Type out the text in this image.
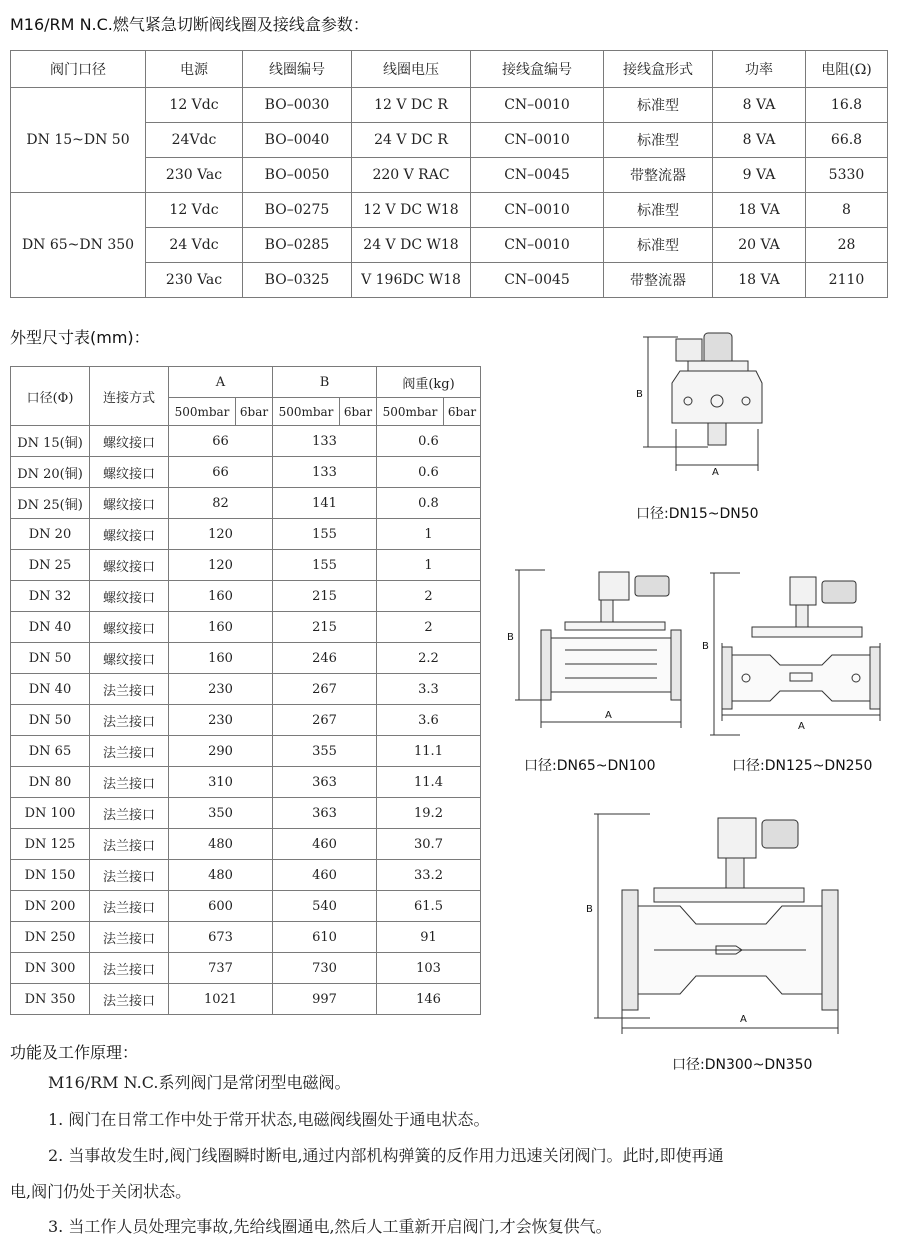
M16/RM N.C.燃气紧急切断阀线圈及接线盒参数：
阀门口径	电源	线圈编号	线圈电压	接线盒编号	接线盒形式	功率	电阻(Ω)
DN 15~DN 50	12 Vdc	BO–0030	12 V DC R	CN–0010	标准型	8 VA	16.8
	24Vdc	BO–0040	24 V DC R	CN–0010	标准型	8 VA	66.8
	230 Vac	BO–0050	220 V RAC	CN–0045	带整流器	9 VA	5330
DN 65~DN 350	12 Vdc	BO–0275	12 V DC W18	CN–0010	标准型	18 VA	8
	24 Vdc	BO–0285	24 V DC W18	CN–0010	标准型	20 VA	28
	230 Vac	BO–0325	V 196DC W18	CN–0045	带整流器	18 VA	2110
外型尺寸表(mm)：
口径(Φ)	连接方式	A		B		阀重(kg)	
		500mbar	6bar	500mbar	6bar	500mbar	6bar
DN 15(铜)	螺纹接口	66		133		0.6	
DN 20(铜)	螺纹接口	66		133		0.6	
DN 25(铜)	螺纹接口	82		141		0.8	
DN 20	螺纹接口	120		155		1	
DN 25	螺纹接口	120		155		1	
DN 32	螺纹接口	160		215		2	
DN 40	螺纹接口	160		215		2	
DN 50	螺纹接口	160		246		2.2	
DN 40	法兰接口	230		267		3.3	
DN 50	法兰接口	230		267		3.6	
DN 65	法兰接口	290		355		11.1	
DN 80	法兰接口	310		363		11.4	
DN 100	法兰接口	350		363		19.2	
DN 125	法兰接口	480		460		30.7	
DN 150	法兰接口	480		460		33.2	
DN 200	法兰接口	600		540		61.5	
DN 250	法兰接口	673		610		91	
DN 300	法兰接口	737		730		103	
DN 350	法兰接口	1021		997		146	
B
A
口径:DN15~DN50
B
A
口径:DN65~DN100
B
A
口径:DN125~DN250
B
A
口径:DN300~DN350
功能及工作原理：
M16/RM N.C.系列阀门是常闭型电磁阀。
1. 阀门在日常工作中处于常开状态,电磁阀线圈处于通电状态。
2. 当事故发生时,阀门线圈瞬时断电,通过内部机构弹簧的反作用力迅速关闭阀门。此时,即使再通
电,阀门仍处于关闭状态。
3. 当工作人员处理完事故,先给线圈通电,然后人工重新开启阀门,才会恢复供气。
